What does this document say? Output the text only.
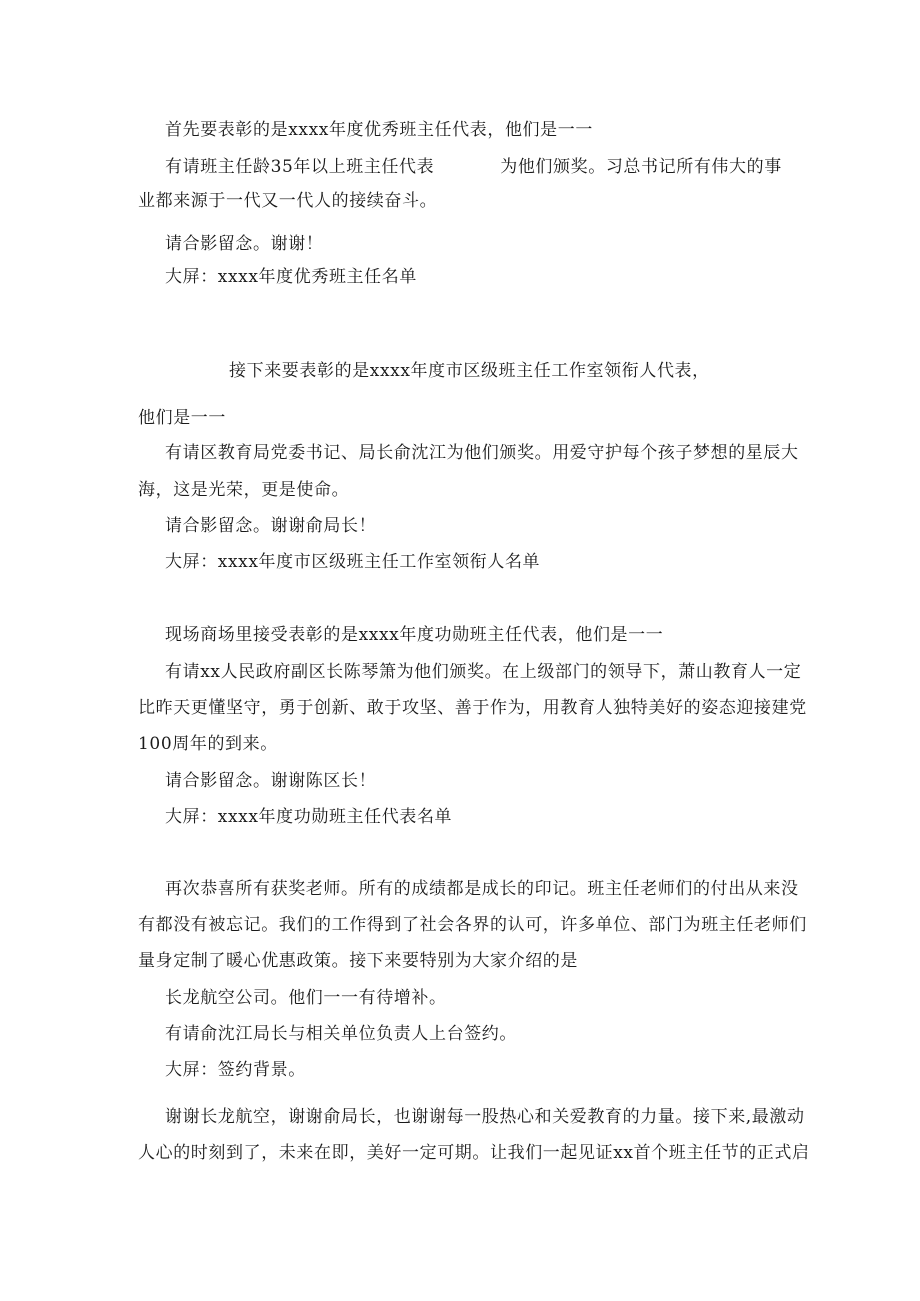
首先要表彰的是xxxx年度优秀班主任代表，他们是一一
有请班主任龄35年以上班主任代表	为他们颁奖。习总书记所有伟大的事
业都来源于一代又一代人的接续奋斗。
请合影留念。谢谢！
大屏：xxxx年度优秀班主任名单
接下来要表彰的是xxxx年度市区级班主任工作室领衔人代表，
他们是一一
有请区教育局党委书记、局长俞沈江为他们颁奖。用爱守护每个孩子梦想的星辰大
海，这是光荣，更是使命。
请合影留念。谢谢俞局长！
大屏：xxxx年度市区级班主任工作室领衔人名单
现场商场里接受表彰的是xxxx年度功勋班主任代表，他们是一一
有请xx人民政府副区长陈琴箫为他们颁奖。在上级部门的领导下，萧山教育人一定
比昨天更懂坚守，勇于创新、敢于攻坚、善于作为，用教育人独特美好的姿态迎接建党
100周年的到来。
请合影留念。谢谢陈区长！
大屏：xxxx年度功勋班主任代表名单
再次恭喜所有获奖老师。所有的成绩都是成长的印记。班主任老师们的付出从来没
有都没有被忘记。我们的工作得到了社会各界的认可，许多单位、部门为班主任老师们
量身定制了暖心优惠政策。接下来要特别为大家介绍的是
长龙航空公司。他们一一有待增补。
有请俞沈江局长与相关单位负责人上台签约。
大屏：签约背景。
谢谢长龙航空，谢谢俞局长，也谢谢每一股热心和关爱教育的力量。接下来,最激动
人心的时刻到了，未来在即，美好一定可期。让我们一起见证xx首个班主任节的正式启
